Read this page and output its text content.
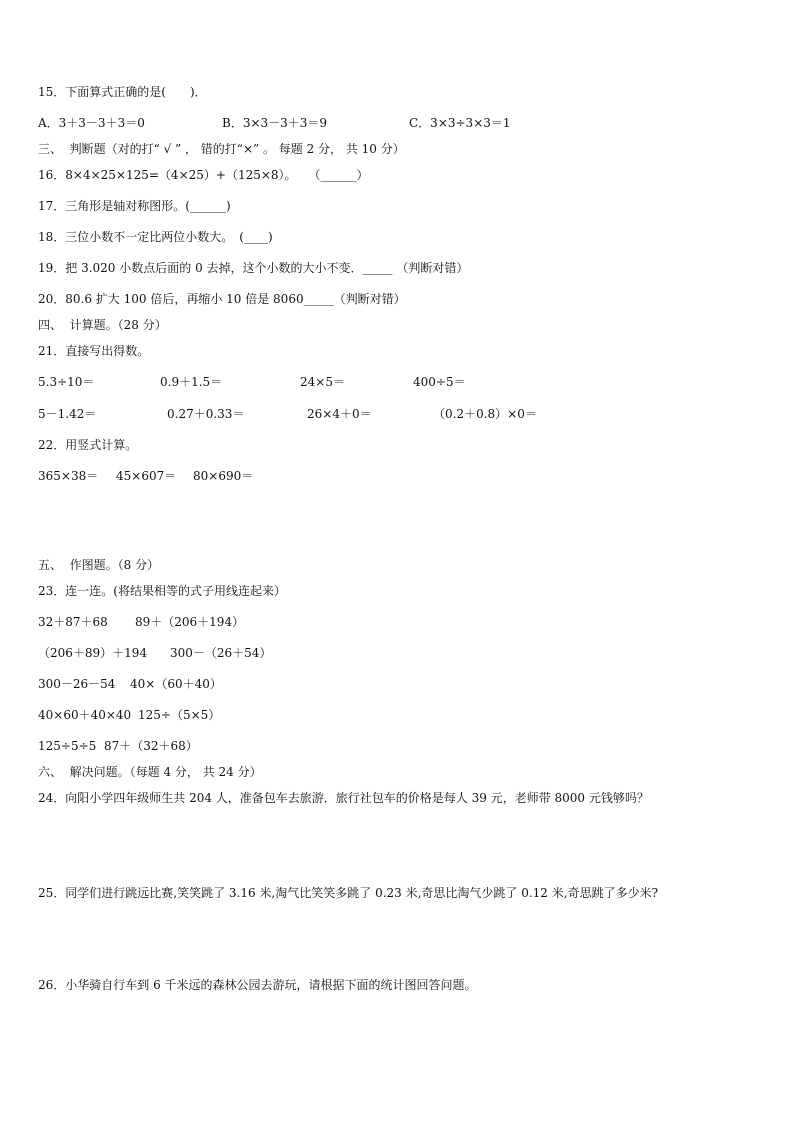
15．下面算式正确的是(　　)．
A．3＋3－3＋3＝0	B．3×3－3＋3＝9	C．3×3÷3×3＝1
三、  判断题（对的打“ √ ” ， 错的打“×” 。 每题 2 分， 共 10 分）
16．8×4×25×125=（4×25）+（125×8）。　　（______）
17．三角形是轴对称图形。(______)
18．三位小数不一定比两位小数大。　(____)
19．把 3.020 小数点后面的 0 去掉，这个小数的大小不变．_____ （判断对错）
20．80.6 扩大 100 倍后，再缩小 10 倍是 8060_____（判断对错）
四、  计算题。（28 分）
21．直接写出得数。
5.3÷10＝	0.9＋1.5＝	24×5＝	400÷5＝
5－1.42＝	0.27＋0.33＝	26×4＋0＝	（0.2＋0.8）×0＝
22．用竖式计算。
365×38＝ 45×607＝ 80×690＝
五、  作图题。（8 分）
23．连一连。(将结果相等的式子用线连起来）
32＋87＋68 89＋（206＋194）
（206＋89）＋194 300－（26＋54）
300－26－54 40×（60＋40）
40×60＋40×40 125÷（5×5）
125÷5÷5 87＋（32＋68）
六、  解决问题。（每题 4 分， 共 24 分）
24．向阳小学四年级师生共 204 人，准备包车去旅游．旅行社包车的价格是每人 39 元，老师带 8000 元钱够吗？
25．同学们进行跳远比赛,笑笑跳了 3.16 米,淘气比笑笑多跳了 0.23 米,奇思比淘气少跳了 0.12 米,奇思跳了多少米?
26．小华骑自行车到 6 千米远的森林公园去游玩，请根据下面的统计图回答问题。
